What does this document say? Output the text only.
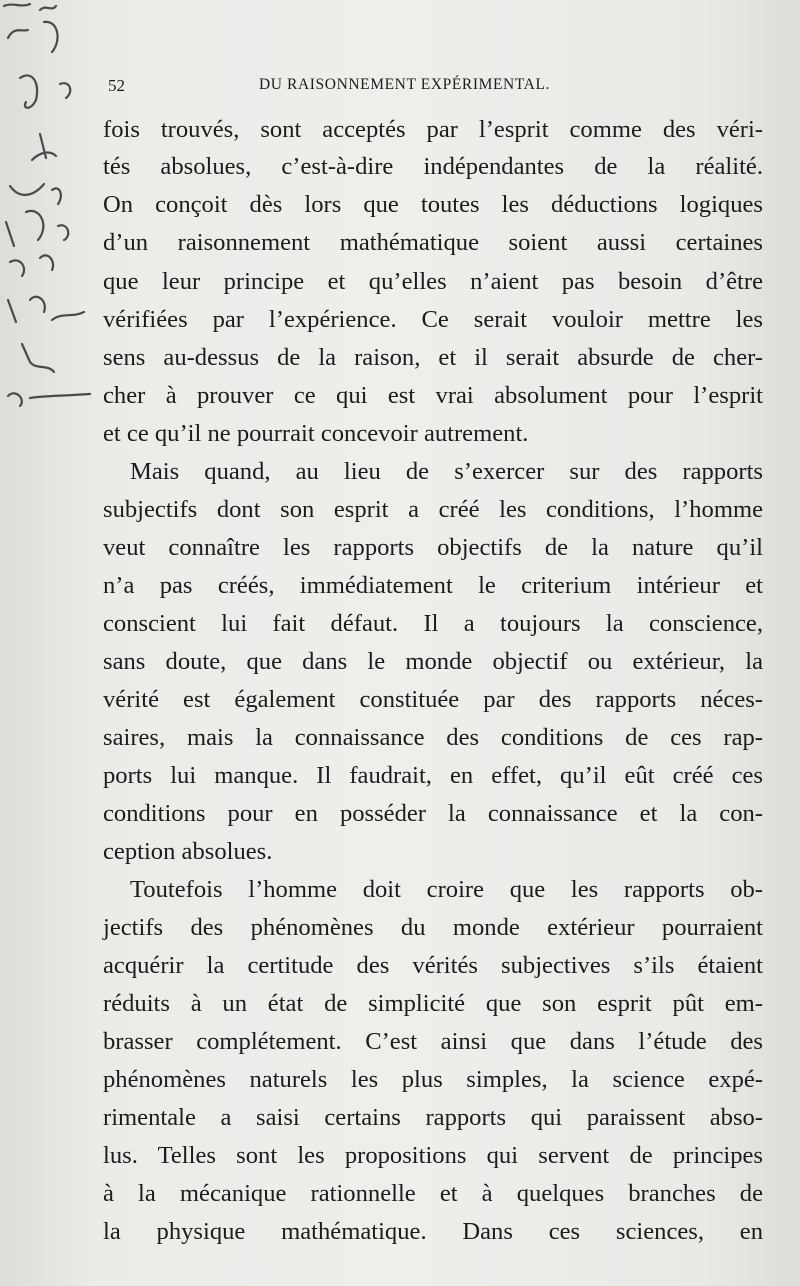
52	DU RAISONNEMENT EXPÉRIMENTAL.
fois trouvés, sont acceptés par l’esprit comme des véri-
tés absolues, c’est-à-dire indépendantes de la réalité.
On conçoit dès lors que toutes les déductions logiques
d’un raisonnement mathématique soient aussi certaines
que leur principe et qu’elles n’aient pas besoin d’être
vérifiées par l’expérience. Ce serait vouloir mettre les
sens au-dessus de la raison, et il serait absurde de cher-
cher à prouver ce qui est vrai absolument pour l’esprit
et ce qu’il ne pourrait concevoir autrement.
Mais quand, au lieu de s’exercer sur des rapports
subjectifs dont son esprit a créé les conditions, l’homme
veut connaître les rapports objectifs de la nature qu’il
n’a pas créés, immédiatement le criterium intérieur et
conscient lui fait défaut. Il a toujours la conscience,
sans doute, que dans le monde objectif ou extérieur, la
vérité est également constituée par des rapports néces-
saires, mais la connaissance des conditions de ces rap-
ports lui manque. Il faudrait, en effet, qu’il eût créé ces
conditions pour en posséder la connaissance et la con-
ception absolues.
Toutefois l’homme doit croire que les rapports ob-
jectifs des phénomènes du monde extérieur pourraient
acquérir la certitude des vérités subjectives s’ils étaient
réduits à un état de simplicité que son esprit pût em-
brasser complétement. C’est ainsi que dans l’étude des
phénomènes naturels les plus simples, la science expé-
rimentale a saisi certains rapports qui paraissent abso-
lus. Telles sont les propositions qui servent de principes
à la mécanique rationnelle et à quelques branches de
la physique mathématique. Dans ces sciences, en
